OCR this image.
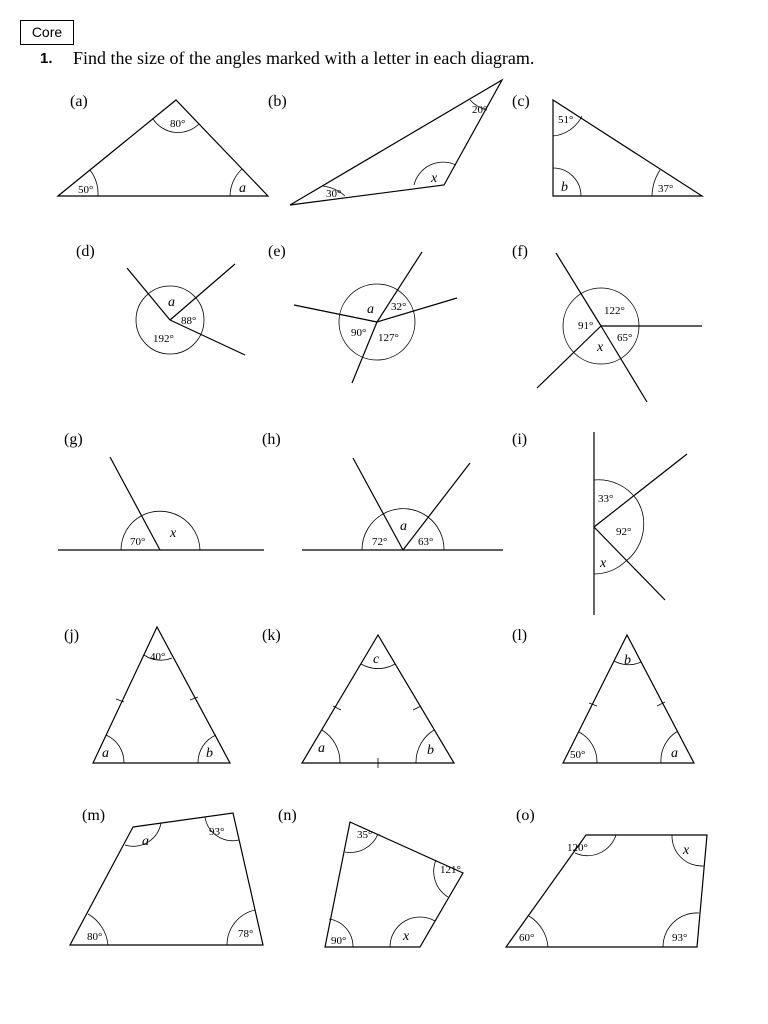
Core
1. Find the size of the angles marked with a letter in each diagram.
(a)
80°
50°	a
(b)	20°
30°
x
(c)
51°
37°
b
(d)
a
88°
192°
(e)
a 32°
90° 127°
(f)
122°
91°
65°
x
(g)
70°
x
(h)
72°
a
63°
(i)
33°
92°
x
(j)
40°
a	b
(k)
c
a	b
(l)
b
50°	a
(m)
a
93°
80°	78°
(n)
35°
121°
90°	x
(o)
120°
60°
x
93°
